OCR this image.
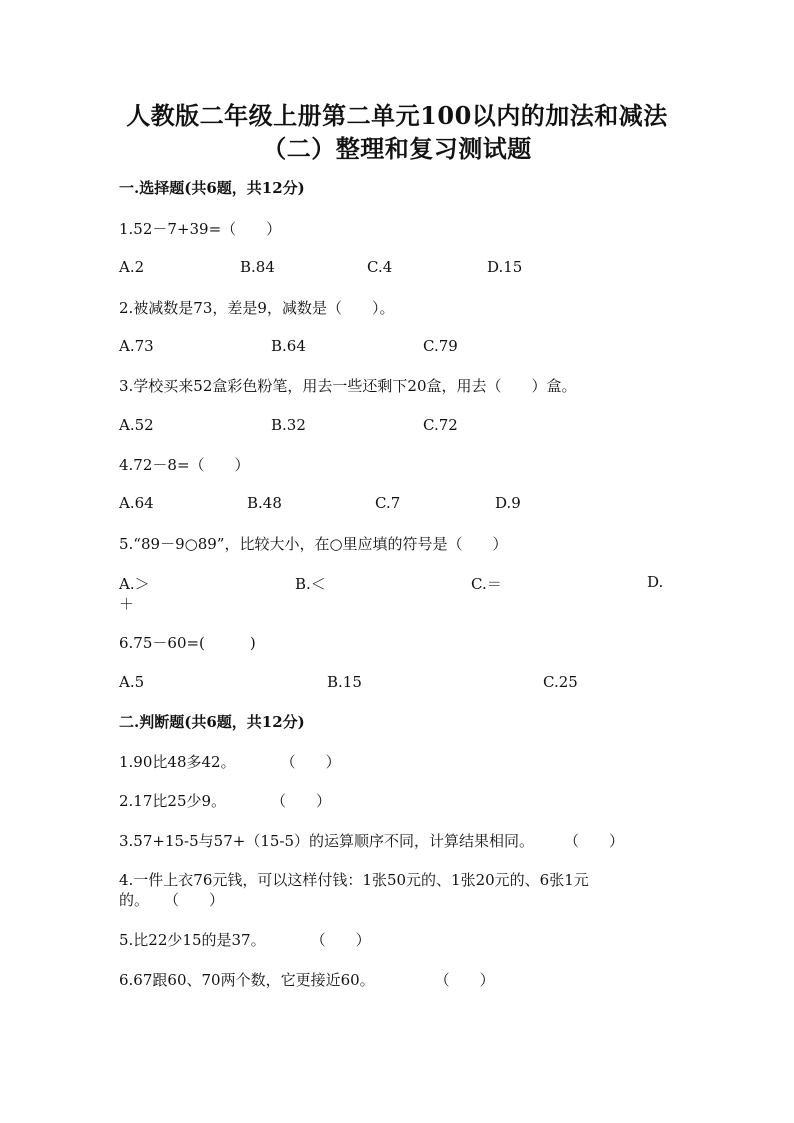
人教版二年级上册第二单元100以内的加法和减法
（二）整理和复习测试题
一.选择题(共6题，共12分)
1.52－7+39=（　　）
A.2	B.84	C.4	D.15
2.被减数是73，差是9，减数是（　　）。
A.73	B.64	C.79
3.学校买来52盒彩色粉笔，用去一些还剩下20盒，用去（　　）盒。
A.52	B.32	C.72
4.72－8=（　　）
A.64	B.48	C.7	D.9
5.“89－9○89”，比较大小，在○里应填的符号是（　　）
A.＞	B.＜	C.＝	D.
＋
6.75－60=(　　　)
A.5	B.15	C.25
二.判断题(共6题，共12分)
1.90比48多42。　　　　（　　）
2.17比25少9。　　　　（　　）
3.57+15-5与57+（15-5）的运算顺序不同，计算结果相同。　　　（　　）
4.一件上衣76元钱，可以这样付钱：1张50元的、1张20元的、6张1元
的。　　（　　）
5.比22少15的是37。　　　　（　　）
6.67跟60、70两个数，它更接近60。　　　　　（　　）
